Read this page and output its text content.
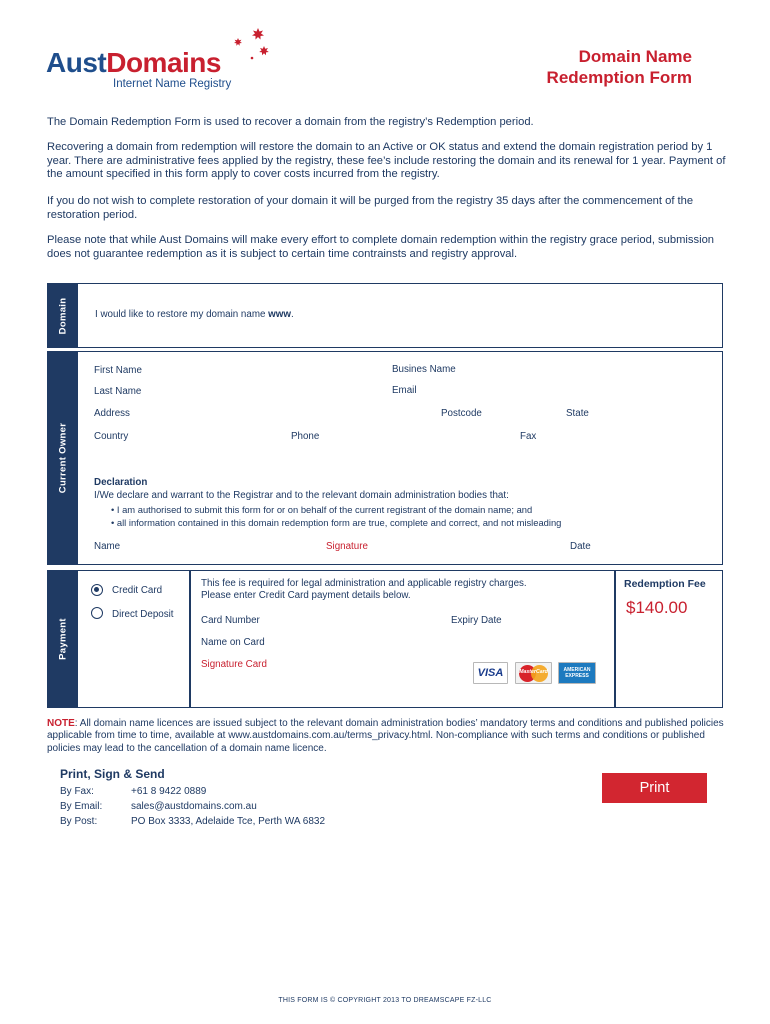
AustDomains
Internet Name Registry
Domain Name
Redemption Form

The Domain Redemption Form is used to recover a domain from the registry’s Redemption period.

Recovering a domain from redemption will restore the domain to an Active or OK status and extend the domain registration period by 1 year. There are administrative fees applied by the registry, these fee’s include restoring the domain and its renewal for 1 year. Payment of the amount specified in this form apply to cover costs incurred from the registry.

If you do not wish to complete restoration of your domain it will be purged from the registry 35 days after the commencement of the restoration period.

Please note that while Aust Domains will make every effort to complete domain redemption within the registry grace period, submission does not guarantee redemption as it is subject to certain time contrainsts and registry approval.

Domain	I would like to restore my domain name www.
Current Owner
First Name	Busines Name
Last Name	Email
Address	Postcode	State
Country	Phone	Fax
Declaration
I/We declare and warrant to the Registrar and to the relevant domain administration bodies that:
• I am authorised to submit this form for or on behalf of the current registrant of the domain name; and
• all information contained in this domain redemption form are true, complete and correct, and not misleading
Name	Signature	Date
Payment
Credit Card
Direct Deposit
This fee is required for legal administration and applicable registry charges.
Please enter Credit Card payment details below.
Card Number	Expiry Date
Name on Card
Signature Card
VISA	MasterCard	AMERICAN
EXPRESS
Redemption Fee
$140.00

NOTE: All domain name licences are issued subject to the relevant domain administration bodies’ mandatory terms and conditions and published policies applicable from time to time, available at www.austdomains.com.au/terms_privacy.html. Non-compliance with such terms and conditions or published policies may lead to the cancellation of a domain name licence.

Print, Sign & Send
By Fax:	+61 8 9422 0889
By Email:	sales@austdomains.com.au
By Post:	PO Box 3333, Adelaide Tce, Perth WA 6832
Print
THIS FORM IS © COPYRIGHT 2013 TO DREAMSCAPE FZ-LLC
